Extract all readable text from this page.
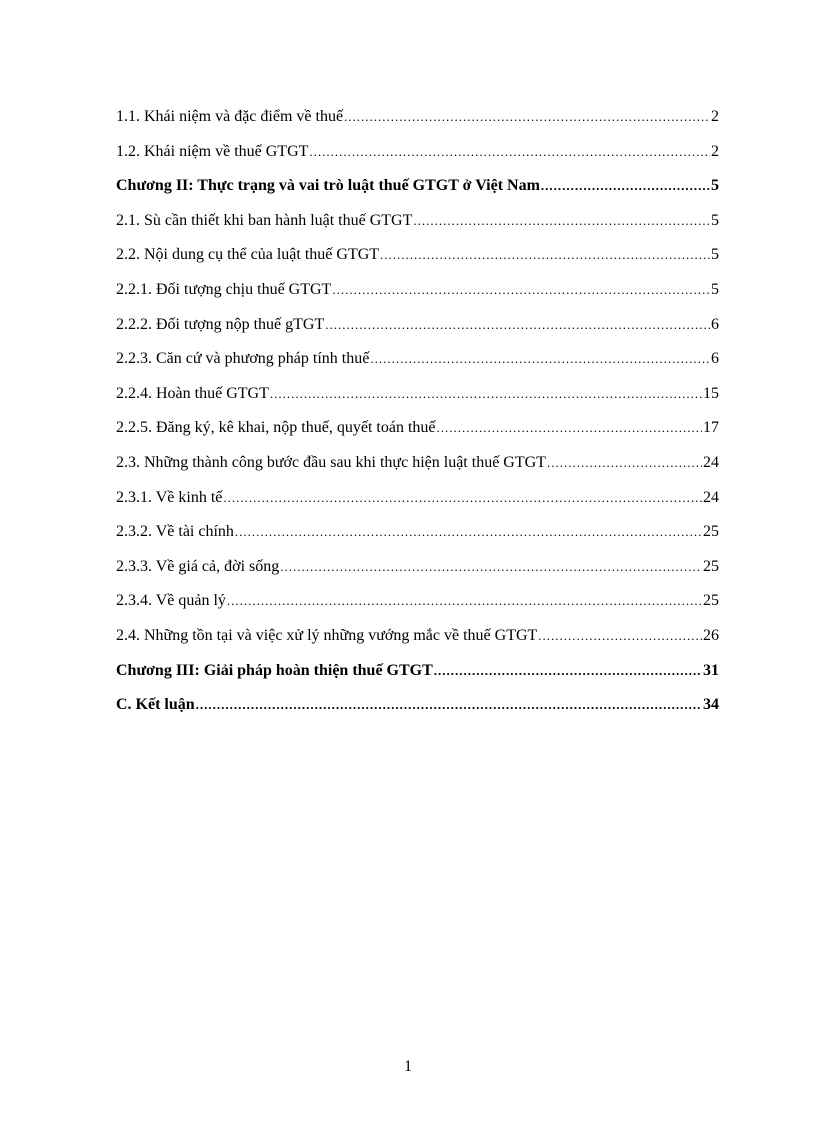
1.1. Khái niệm và đặc điểm về thuế .....	2
1.2. Khái niệm về thuế GTGT .....	2
Chương II: Thực trạng và vai trò luật thuế GTGT ở Việt Nam .....	5
2.1. Sù cần thiết khi ban hành luật thuế GTGT .....	5
2.2. Nội dung cụ thể của luật thuế GTGT .....	5
2.2.1. Đối tượng chịu thuế GTGT .....	5
2.2.2. Đối tượng nộp thuế gTGT .....	6
2.2.3. Căn cứ và phương pháp tính thuế .....	6
2.2.4. Hoàn thuế GTGT .....	15
2.2.5. Đăng ký, kê khai, nộp thuế, quyết toán thuế .....	17
2.3. Những thành công bước đầu sau khi thực hiện luật thuế GTGT .....	24
2.3.1. Về kinh tế .....	24
2.3.2. Về tài chính .....	25
2.3.3. Về giá cả, đời sống .....	25
2.3.4. Về quản lý .....	25
2.4. Những tồn tại và việc xử lý những vướng mắc về thuế GTGT .....	26
Chương III: Giải pháp hoàn thiện thuế GTGT .....	31
C. Kết luận .....	34
1
